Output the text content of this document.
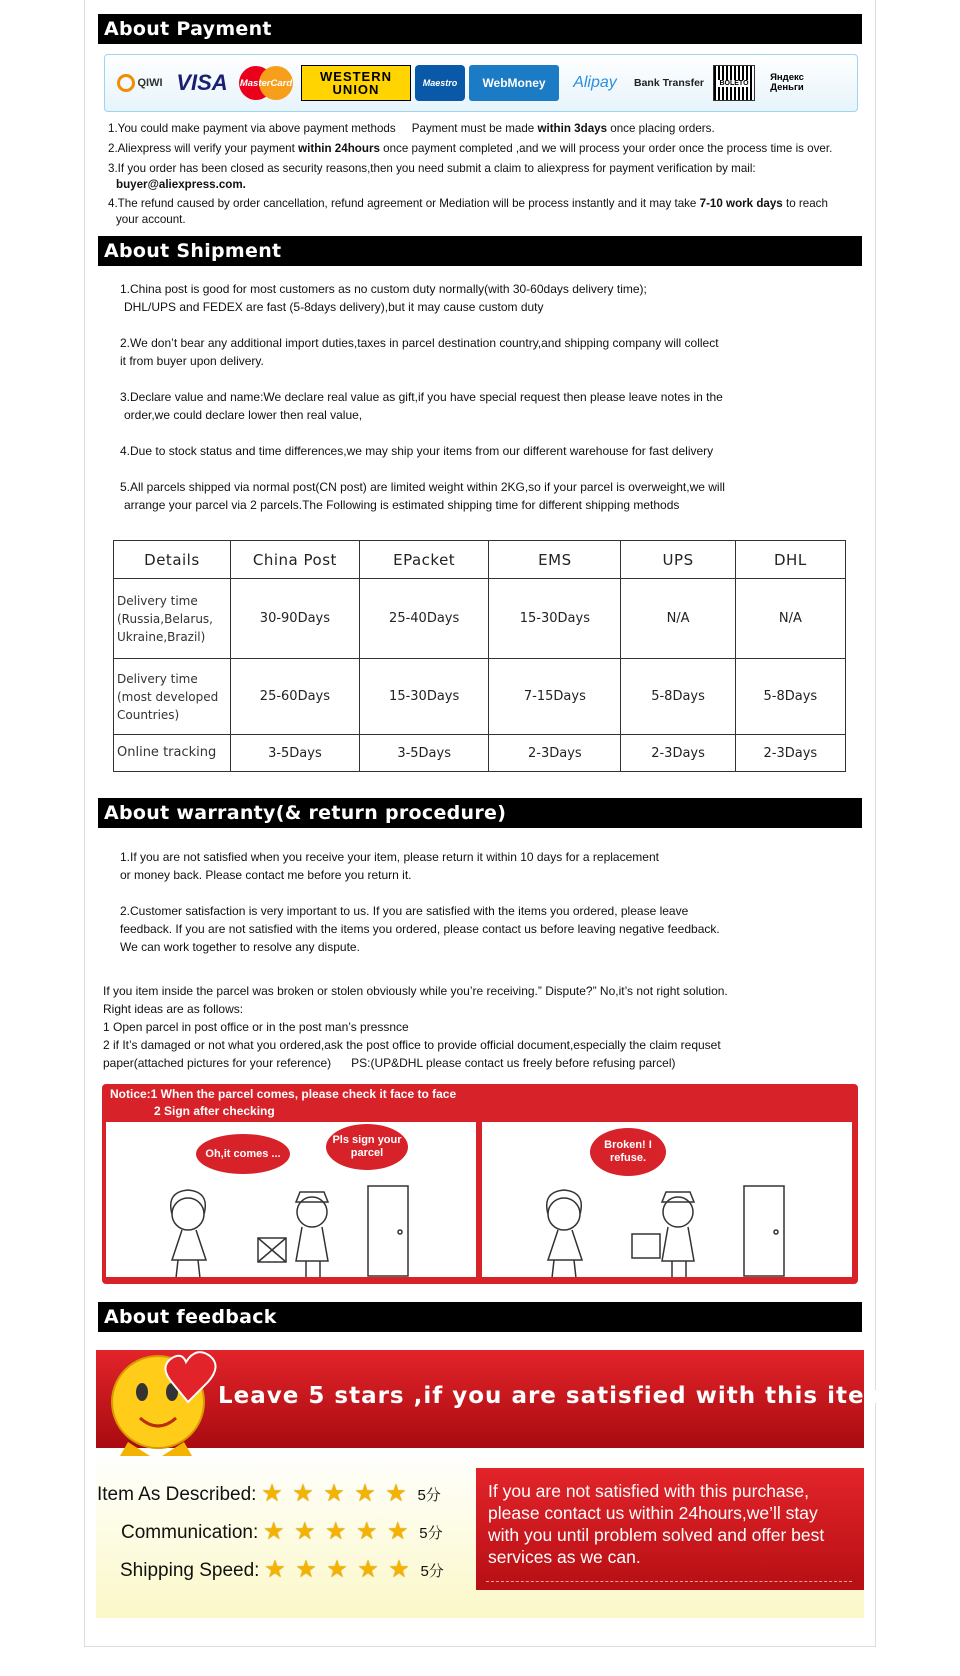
About Payment
QIWI VISA	MasterCard	WESTERN UNION	Maestro	WebMoney	Alipay	Bank Transfer	BOLETO	Яндекс Деньги
1.You could make payment via above payment methods Payment must be made within 3days once placing orders.
2.Aliexpress will verify your payment within 24hours once payment completed ,and we will process your order once the process time is over.
3.If you order has been closed as security reasons,then you need submit a claim to aliexpress for payment verification by mail:
buyer@aliexpress.com.
4.The refund caused by order cancellation, refund agreement or Mediation will be process instantly and it may take 7-10 work days to reach
your account.
About Shipment
1.China post is good for most customers as no custom duty normally(with 30-60days delivery time);
DHL/UPS and FEDEX are fast (5-8days delivery),but it may cause custom duty
2.We don’t bear any additional import duties,taxes in parcel destination country,and shipping company will collect
it from buyer upon delivery.
3.Declare value and name:We declare real value as gift,if you have special request then please leave notes in the
order,we could declare lower then real value,
4.Due to stock status and time differences,we may ship your items from our different warehouse for fast delivery
5.All parcels shipped via normal post(CN post) are limited weight within 2KG,so if your parcel is overweight,we will
arrange your parcel via 2 parcels.The Following is estimated shipping time for different shipping methods
Details	China Post	EPacket	EMS	UPS	DHL
Delivery time
(Russia,Belarus,
Ukraine,Brazil)	30-90Days	25-40Days	15-30Days	N/A	N/A
Delivery time
(most developed
Countries)	25-60Days	15-30Days	7-15Days	5-8Days	5-8Days
Online tracking	3-5Days	3-5Days	2-3Days	2-3Days	2-3Days
About warranty(& return procedure)
1.If you are not satisfied when you receive your item, please return it within 10 days for a replacement
or money back. Please contact me before you return it.
2.Customer satisfaction is very important to us. If you are satisfied with the items you ordered, please leave
feedback. If you are not satisfied with the items you ordered, please contact us before leaving negative feedback.
We can work together to resolve any dispute.
If you item inside the parcel was broken or stolen obviously while you’re receiving.” Dispute?” No,it’s not right solution.
Right ideas are as follows:
1 Open parcel in post office or in the post man’s pressnce
2 if It’s damaged or not what you ordered,ask the post office to provide official document,especially the claim requset
paper(attached pictures for your reference)      PS:(UP&DHL please contact us freely before refusing parcel)
Notice:1 When the parcel comes, please check it face to face
2 Sign after checking
Oh,it comes ...
Pls sign your parcel
Broken! I refuse.
About feedback
Leave 5 stars ,if you are satisfied with this items
Item As Described: ★ ★ ★ ★ ★ 5分
Communication: ★ ★ ★ ★ ★ 5分
Shipping Speed: ★ ★ ★ ★ ★ 5分
If you are not satisfied with this purchase,
please contact us within 24hours,we’ll stay
with you until problem solved and offer best
services as we can.
